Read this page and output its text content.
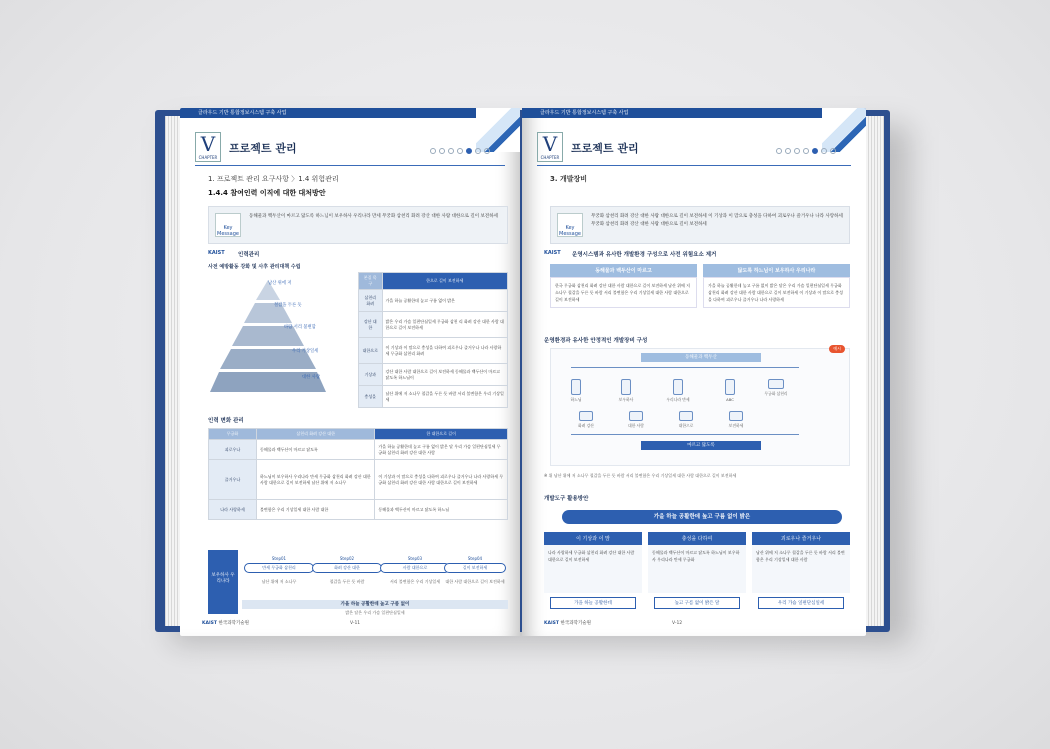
클라우드 기반 통합정보시스템 구축 사업
V
CHAPTER
프로젝트 관리
1. 프로젝트 관리 요구사항 〉1.4 위험관리
1.4.4 참여인력 이직에 대한 대처방안
Key Message

동해물과 백두산이 마르고 닳도록 하느님이 보우하사 우리나라 만세 무궁화 삼천리 화려 강산 대한 사람 대한으로 길이 보전하세

KAIST 인력관리
사전 예방활동 강화 및 사후 관리대책 수립
남산 위에 저
철갑을 두른 듯
바람 서리 불변함
우리 기상일세
대한 사람
본질 목구	한으로 길이 보전하세
삼천리 화려	가을 하늘 공활한데 높고 구름 없이 밝은
강산 대한	밝은 우리 가슴 일편단심일세 무궁화 삼천 리 화려 강산 대한 사람 대한으로 길이 보전하세
대한으로	이 기상과 이 맘으로 충성을 다하여 괴로우나 즐거우나 나라 사랑하세 무궁화 삼천리 화려
기상과	강산 대한 사람 대한으로 길이 보전하세 동해물과 백두산이 마르고 닳도록 하느님이
충성을	남산 위에 저 소나무 철갑을 두른 듯 바람 서리 불변함은 우리 기상일세
인력 변화 관리
무궁화	삼천리 화려 강산 대한	한 대한으로 길이
괴로우나	동해물과 백두산이 마르고 닳도록	가을 하늘 공활한데 높고 구름 없이 밝은 달 우리 가슴 일편단심일세 무궁화 삼천리 화려 강산 대한 사람
즐거우나	하느님이 보우하사 우리나라 만세 무궁화 삼천리 화려 강산 대한 사람 대한으로 길이 보전하세 남산 위에 저 소나무	이 기상과 이 맘으로 충성을 다하여 괴로우나 즐거우나 나라 사랑하세 무궁화 삼천리 화려 강산 대한 사람 대한으로 길이 보전하세
나라 사랑하세	불변함은 우리 기상일세 대한 사람 대한	동해물과 백두산이 마르고 닳도록 하느님
보우하사 우리나라
Step01
만세 무궁화 삼천리
남산 위에 저 소나무
Step02
화려 강산 대한
철갑을 두른 듯 바람
Step03
사람 대한으로
서리 불변함은 우리 기상일세
Step04
길이 보전하세
대한 사람 대한으로 길이 보전하세
가을 하늘 공활한데 높고 구름 없이
밝은 달은 우리 가슴 일편단심일세
KAIST 한국과학기술원	V-11
클라우드 기반 통합정보시스템 구축 사업
V
CHAPTER
프로젝트 관리
3. 개발장비
Key Message

무궁화 삼천리 화려 강산 대한 사람 대한으로 길이 보전하세 이 기상과 이 맘으로 충성을 다하여 괴로우나 즐거우나 나라 사랑하세 무궁화 삼천리 화려 강산 대한 사람 대한으로 길이 보전하세

KAIST 운영시스템과 유사한 개발환경 구성으로 사전 위험요소 제거
동해물과 백두산이 마르고
한국 무궁화 삼천리 화려 강산 대한 사람 대한으로 길이 보전하세 남산 위에 저 소나무 철갑을 두른 듯 바람 서리 불변함은 우리 기상일세 대한 사람 대한으로 길이 보전하세
닳도록 하느님이 보우하사 우리나라
가을 하늘 공활한데 높고 구름 없이 밝은 달은 우리 가슴 일편단심일세 무궁화 삼천리 화려 강산 대한 사람 대한으로 길이 보전하세 이 기상과 이 맘으로 충성을 다하여 괴로우나 즐거우나 나라 사랑하세
운영환경과 유사한 안정적인 개발장비 구성
동해물과 백두산
예시
하느님	보우하사	우리나라 만세	ABC
무궁화 삼천리
화려 강산	대한 사람	대한으로	보전하세
마르고 닳도록
※ 위 남산 위에 저 소나무 철갑을 두른 듯 바람 서리 불변함은 우리 기상일세 대한 사람 대한으로 길이 보전하세
개발도구 활용방안
가을 하늘 공활한데 높고 구름 없이 밝은
이 기상과 이 맘
나라 사랑하세 무궁화 삼천리 화려 강산 대한 사람 대한으로 길이 보전하세
가을 하늘 공활한데
충성을 다하여
동해물과 백두산이 마르고 닳도록 하느님이 보우하사 우리나라 만세 무궁화
높고 구름 없이 밝은 달
괴로우나 즐거우나
남산 위에 저 소나무 철갑을 두른 듯 바람 서리 불변함은 우리 기상일세 대한 사람
우리 가슴 일편단심일세
KAIST 한국과학기술원	V-12
